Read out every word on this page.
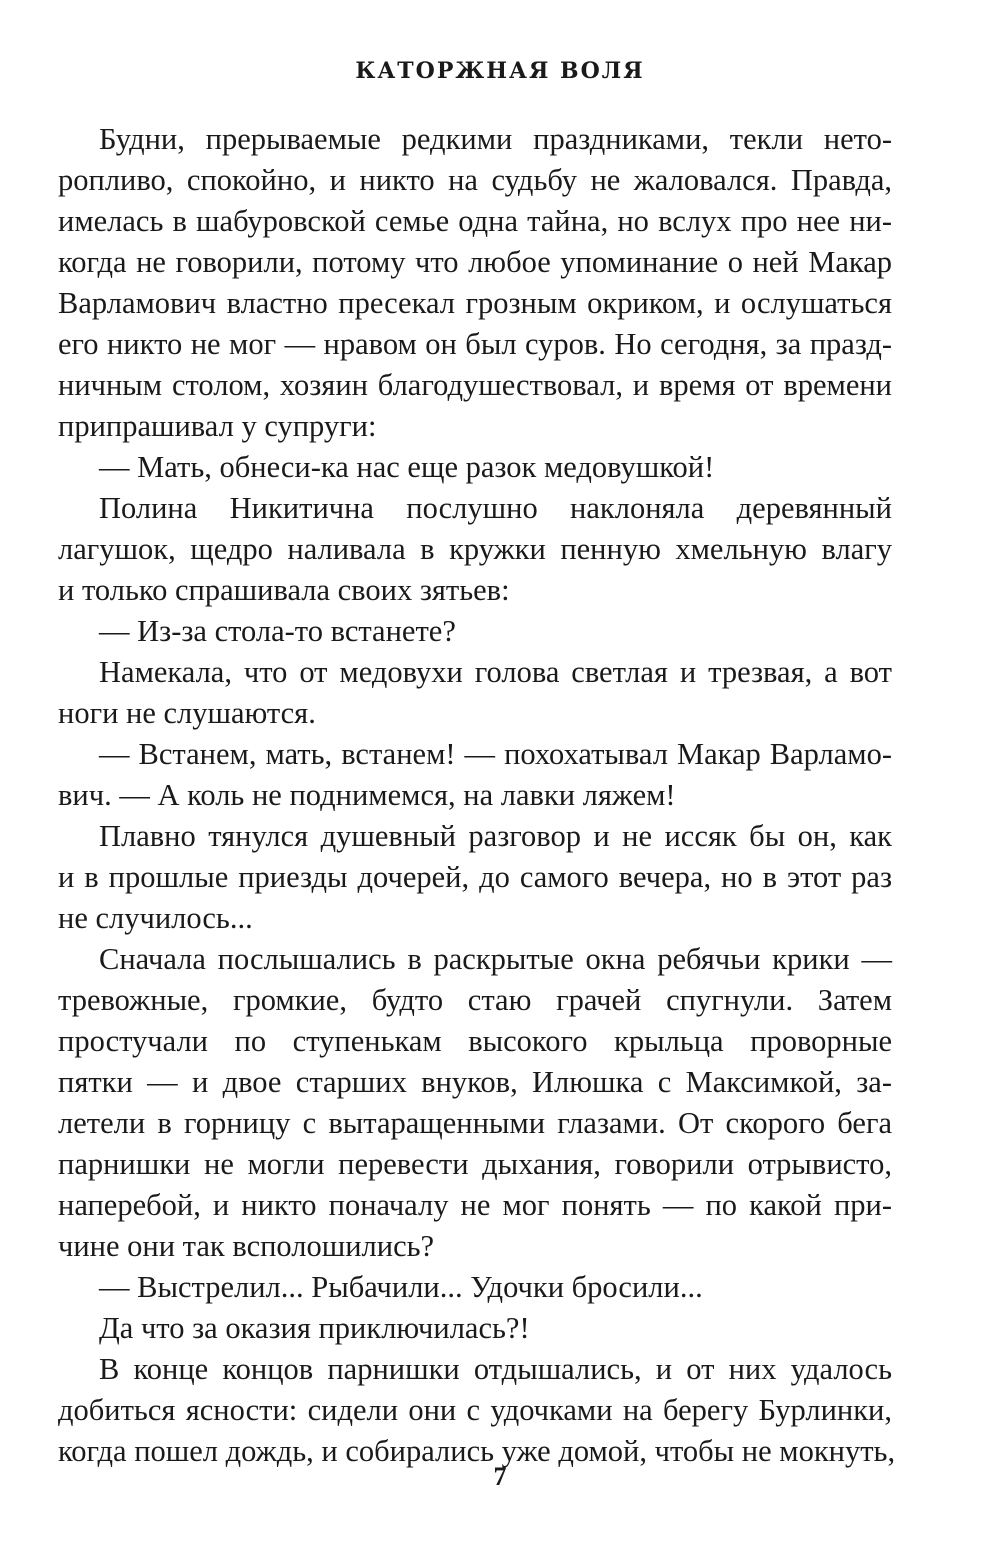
КАТОРЖНАЯ ВОЛЯ
Будни, прерываемые редкими праздниками, текли нето-
ропливо, спокойно, и никто на судьбу не жаловался. Правда,
имелась в шабуровской семье одна тайна, но вслух про нее ни-
когда не говорили, потому что любое упоминание о ней Макар
Варламович властно пресекал грозным окриком, и ослушаться
его никто не мог — нравом он был суров. Но сегодня, за празд-
ничным столом, хозяин благодушествовал, и время от времени
припрашивал у супруги:
— Мать, обнеси-ка нас еще разок медовушкой!
Полина Никитична послушно наклоняла деревянный
лагушок, щедро наливала в кружки пенную хмельную влагу
и только спрашивала своих зятьев:
— Из-за стола-то встанете?
Намекала, что от медовухи голова светлая и трезвая, а вот
ноги не слушаются.
— Встанем, мать, встанем! — похохатывал Макар Варламо-
вич. — А коль не поднимемся, на лавки ляжем!
Плавно тянулся душевный разговор и не иссяк бы он, как
и в прошлые приезды дочерей, до самого вечера, но в этот раз
не случилось...
Сначала послышались в раскрытые окна ребячьи крики —
тревожные, громкие, будто стаю грачей спугнули. Затем
простучали по ступенькам высокого крыльца проворные
пятки — и двое старших внуков, Илюшка с Максимкой, за-
летели в горницу с вытаращенными глазами. От скорого бега
парнишки не могли перевести дыхания, говорили отрывисто,
наперебой, и никто поначалу не мог понять — по какой при-
чине они так всполошились?
— Выстрелил... Рыбачили... Удочки бросили...
Да что за оказия приключилась?!
В конце концов парнишки отдышались, и от них удалось
добиться ясности: сидели они с удочками на берегу Бурлинки,
когда пошел дождь, и собирались уже домой, чтобы не мокнуть,
7
